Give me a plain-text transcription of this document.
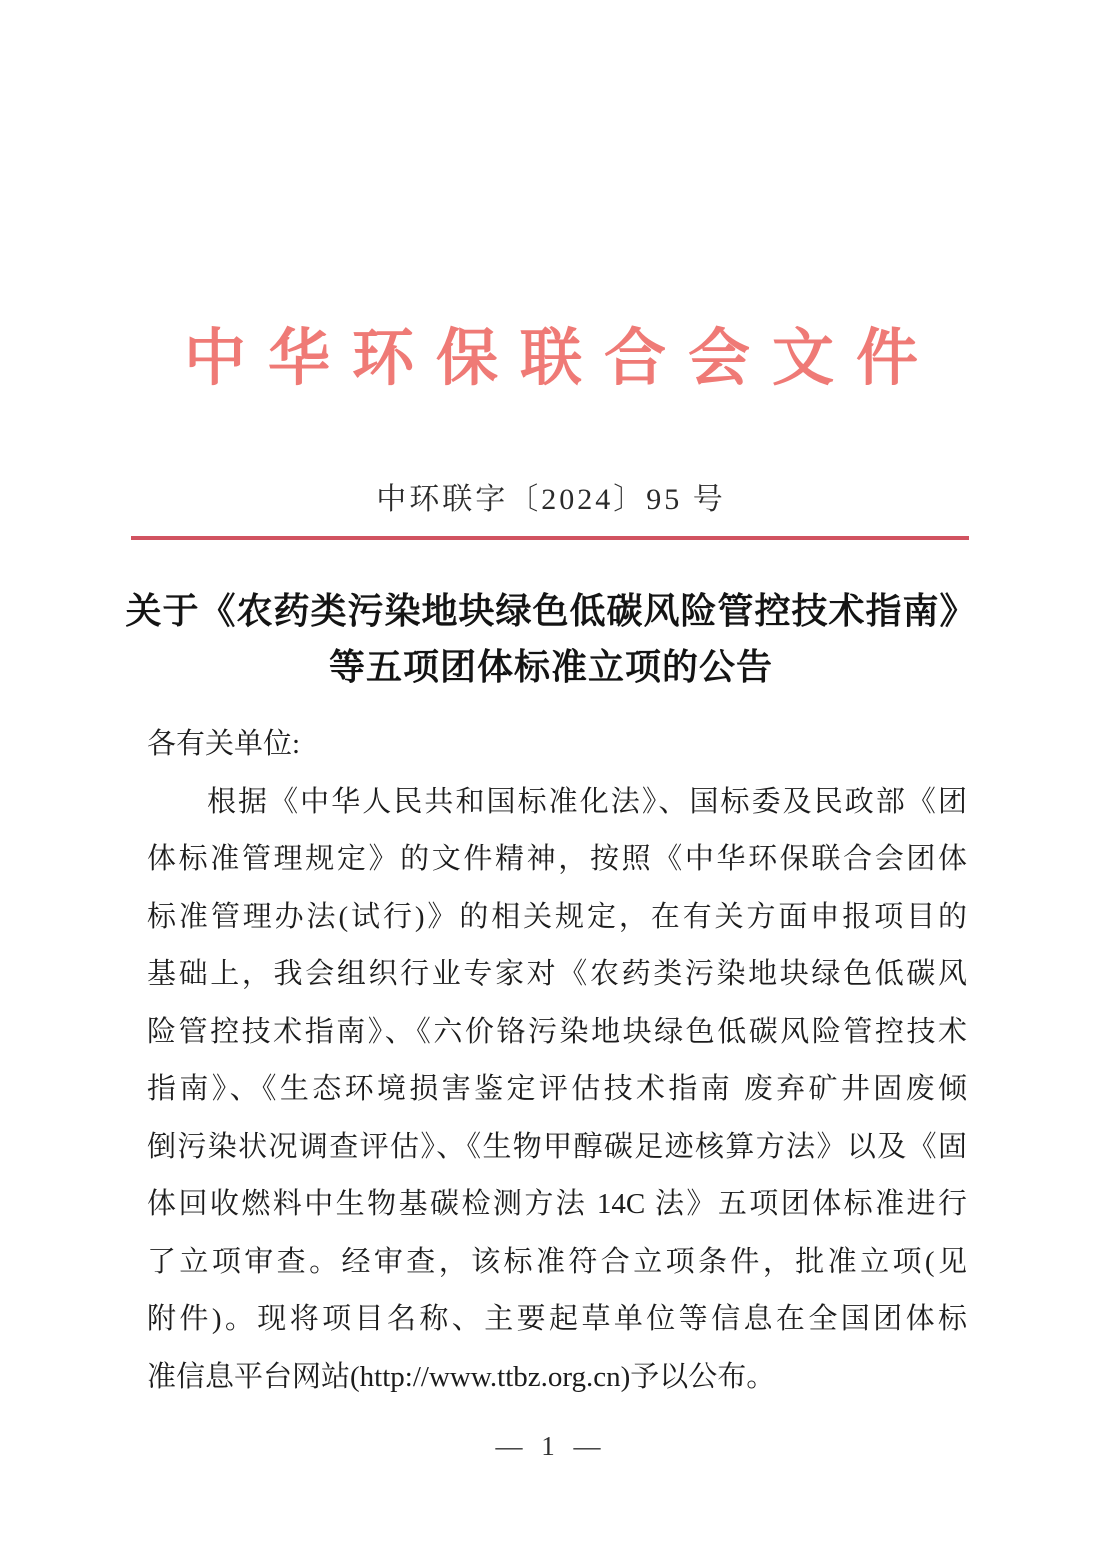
中华环保联合会文件
中环联字〔2024〕95 号
关于《农药类污染地块绿色低碳风险管控技术指南》
等五项团体标准立项的公告
各有关单位:
根据《中华人民共和国标准化法》、国标委及民政部《团
体标准管理规定》的文件精神，按照《中华环保联合会团体
标准管理办法(试行)》的相关规定，在有关方面申报项目的
基础上，我会组织行业专家对《农药类污染地块绿色低碳风
险管控技术指南》、《六价铬污染地块绿色低碳风险管控技术
指南》、《生态环境损害鉴定评估技术指南 废弃矿井固废倾
倒污染状况调查评估》、《生物甲醇碳足迹核算方法》以及《固
体回收燃料中生物基碳检测方法 14C 法》五项团体标准进行
了立项审查。经审查，该标准符合立项条件，批准立项(见
附件)。现将项目名称、主要起草单位等信息在全国团体标
准信息平台网站(http://www.ttbz.org.cn)予以公布。
— 1 —
